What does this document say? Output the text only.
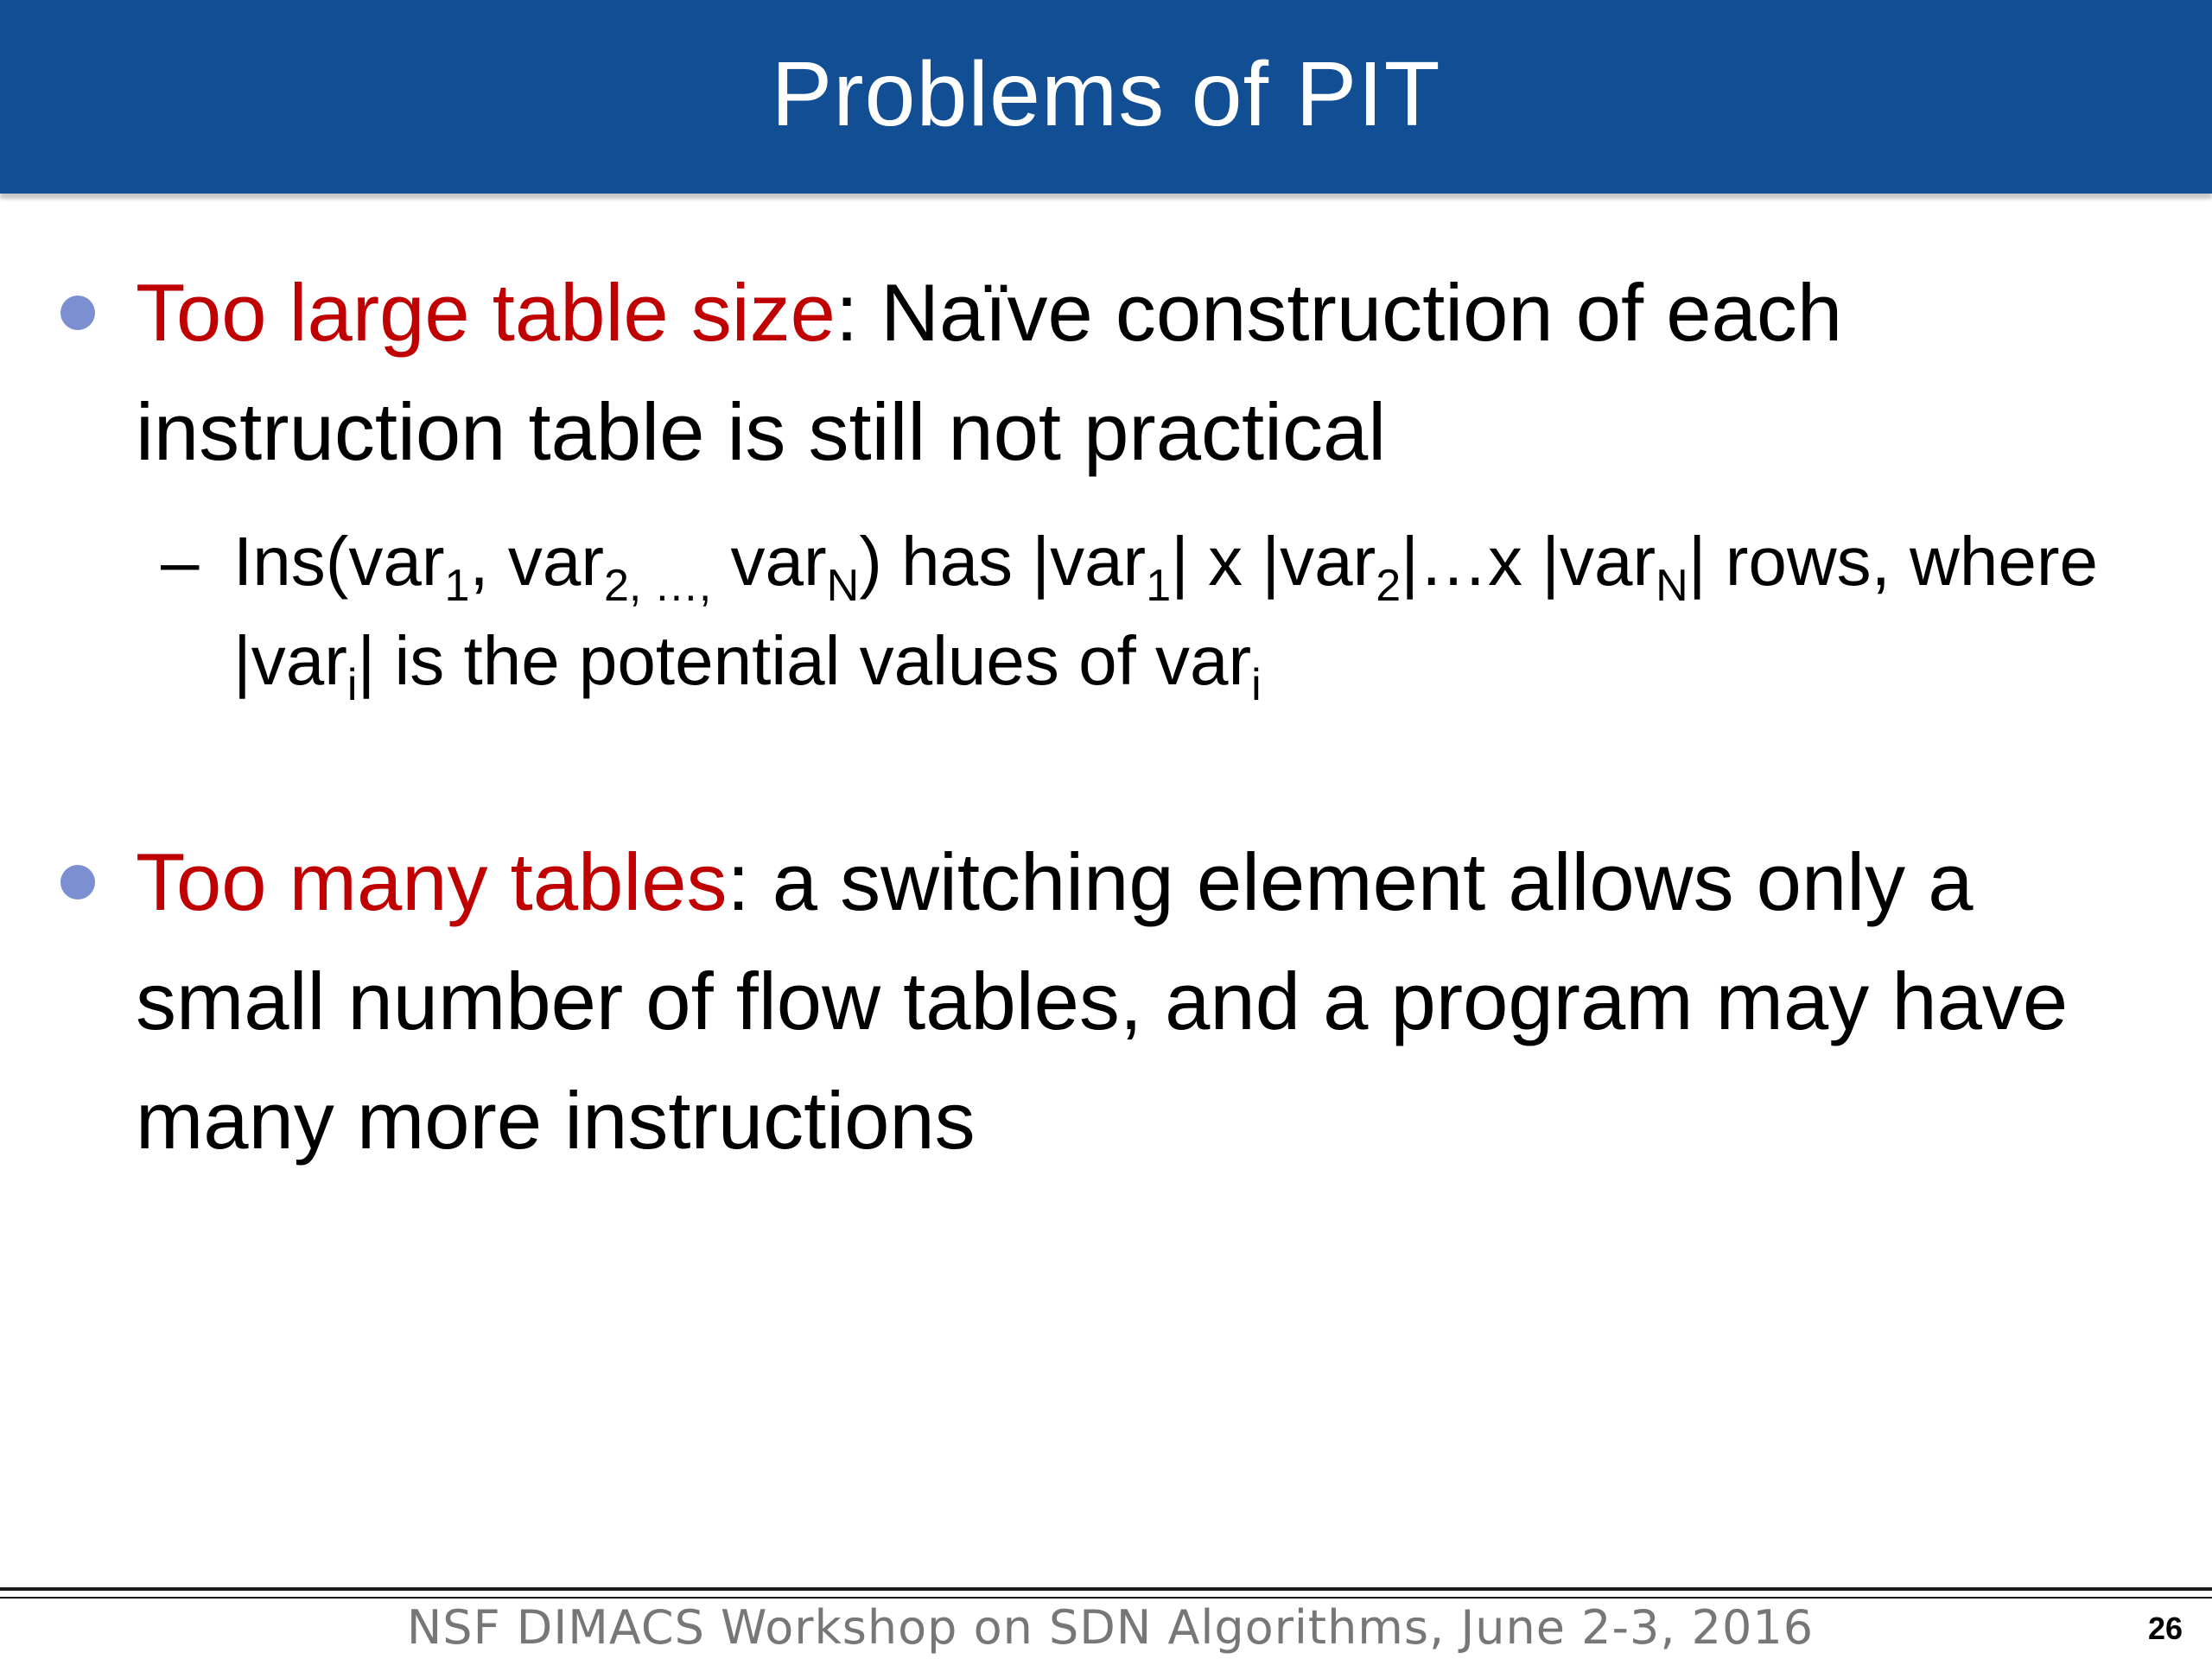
Problems of PIT

Too large table size: Naïve construction of each instruction table is still not practical

– Ins(var$_1$, var$_{2, \dots,}$ var$_N$) has |var$_1$| x |var$_2$|…x |var$_N$| rows, where |var$_i$| is the potential values of var$_i$

Too many tables: a switching element allows only a small number of flow tables, and a program may have many more instructions

NSF DIMACS Workshop on SDN Algorithms, June 2-3, 2016	26
